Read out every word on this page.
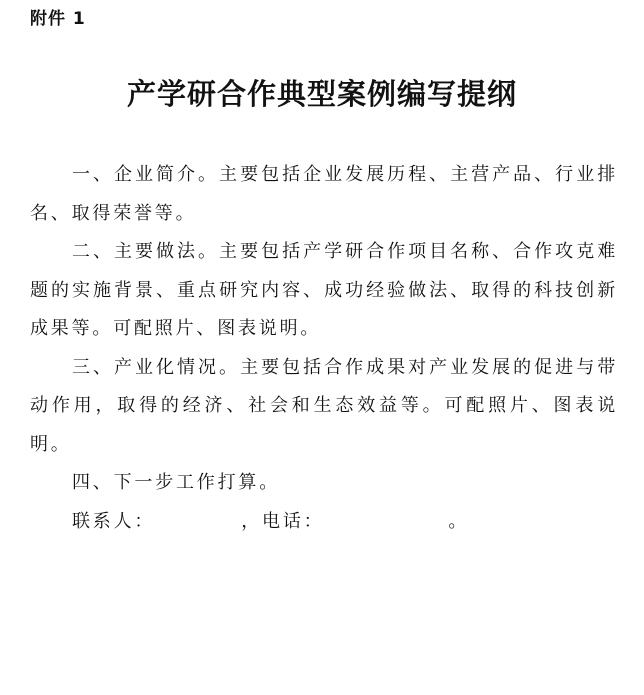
附件 1

产学研合作典型案例编写提纲

一、企业简介。主要包括企业发展历程、主营产品、行业排名、取得荣誉等。

二、主要做法。主要包括产学研合作项目名称、合作攻克难题的实施背景、重点研究内容、成功经验做法、取得的科技创新成果等。可配照片、图表说明。

三、产业化情况。主要包括合作成果对产业发展的促进与带动作用，取得的经济、社会和生态效益等。可配照片、图表说明。

四、下一步工作打算。

联系人：	，电话：	。
